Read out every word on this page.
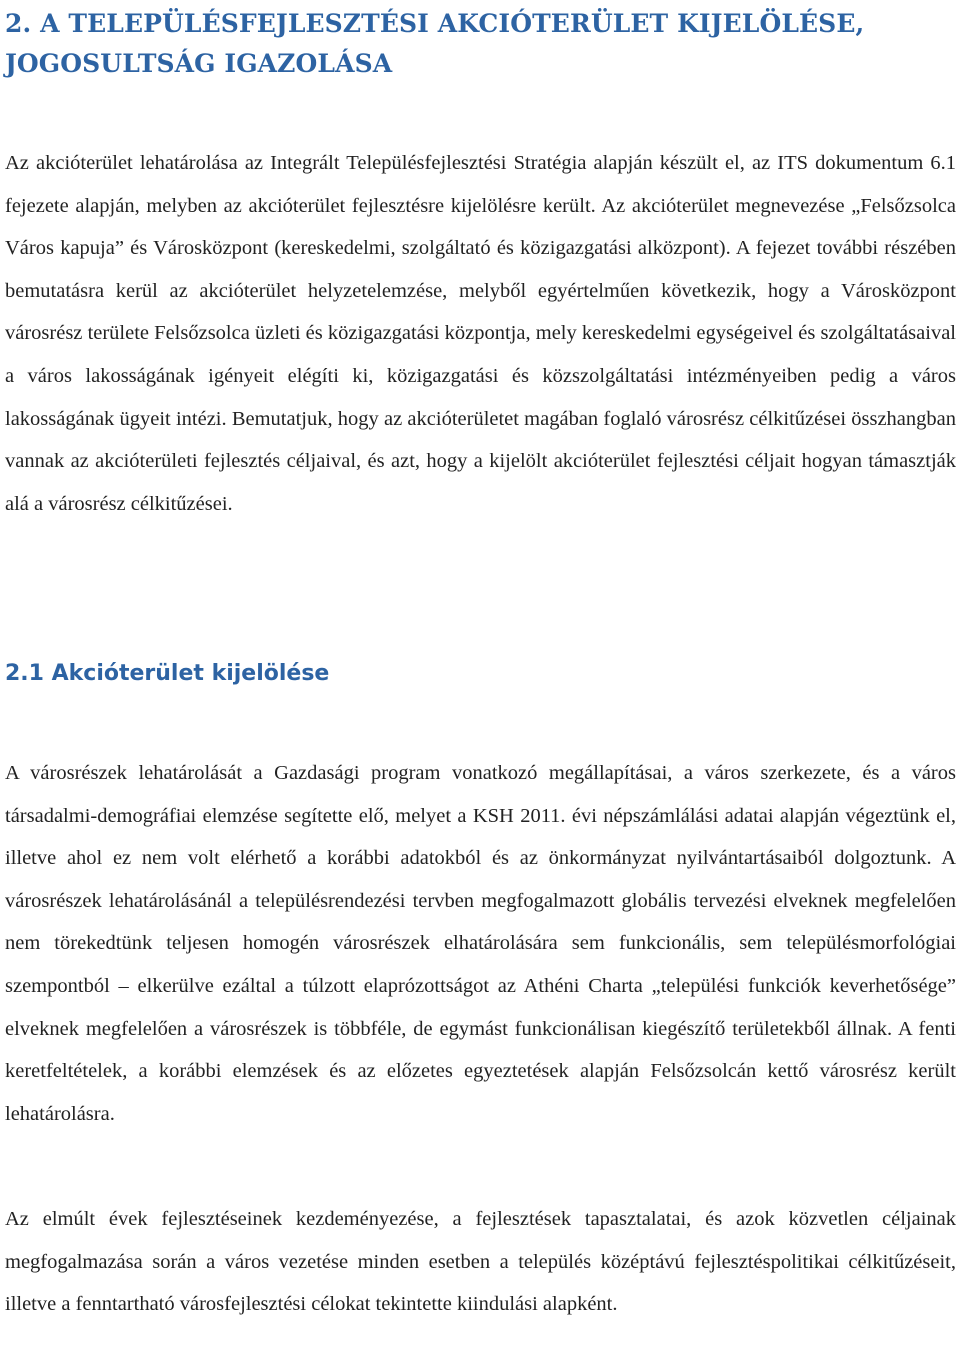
2. A TELEPÜLÉSFEJLESZTÉSI AKCIÓTERÜLET KIJELÖLÉSE, JOGOSULTSÁG IGAZOLÁSA

Az akcióterület lehatárolása az Integrált Településfejlesztési Stratégia alapján készült el, az ITS dokumentum 6.1 fejezete alapján, melyben az akcióterület fejlesztésre kijelölésre került. Az akcióterület megnevezése „Felsőzsolca Város kapuja” és Városközpont (kereskedelmi, szolgáltató és közigazgatási alközpont). A fejezet további részében bemutatásra kerül az akcióterület helyzetelemzése, melyből egyértelműen következik, hogy a Városközpont városrész területe Felsőzsolca üzleti és közigazgatási központja, mely kereskedelmi egységeivel és szolgáltatásaival a város lakosságának igényeit elégíti ki, közigazgatási és közszolgáltatási intézményeiben pedig a város lakosságának ügyeit intézi. Bemutatjuk, hogy az akcióterületet magában foglaló városrész célkitűzései összhangban vannak az akcióterületi fejlesztés céljaival, és azt, hogy a kijelölt akcióterület fejlesztési céljait hogyan támasztják alá a városrész célkitűzései.

2.1 Akcióterület kijelölése

A városrészek lehatárolását a Gazdasági program vonatkozó megállapításai, a város szerkezete, és a város társadalmi-demográfiai elemzése segítette elő, melyet a KSH 2011. évi népszámlálási adatai alapján végeztünk el, illetve ahol ez nem volt elérhető a korábbi adatokból és az önkormányzat nyilvántartásaiból dolgoztunk. A városrészek lehatárolásánál a településrendezési tervben megfogalmazott globális tervezési elveknek megfelelően nem törekedtünk teljesen homogén városrészek elhatárolására sem funkcionális, sem településmorfológiai szempontból – elkerülve ezáltal a túlzott elaprózottságot az Athéni Charta „települési funkciók keverhetősége” elveknek megfelelően a városrészek is többféle, de egymást funkcionálisan kiegészítő területekből állnak. A fenti keretfeltételek, a korábbi elemzések és az előzetes egyeztetések alapján Felsőzsolcán kettő városrész került lehatárolásra.

Az elmúlt évek fejlesztéseinek kezdeményezése, a fejlesztések tapasztalatai, és azok közvetlen céljainak megfogalmazása során a város vezetése minden esetben a település középtávú fejlesztéspolitikai célkitűzéseit, illetve a fenntartható városfejlesztési célokat tekintette kiindulási alapként.
